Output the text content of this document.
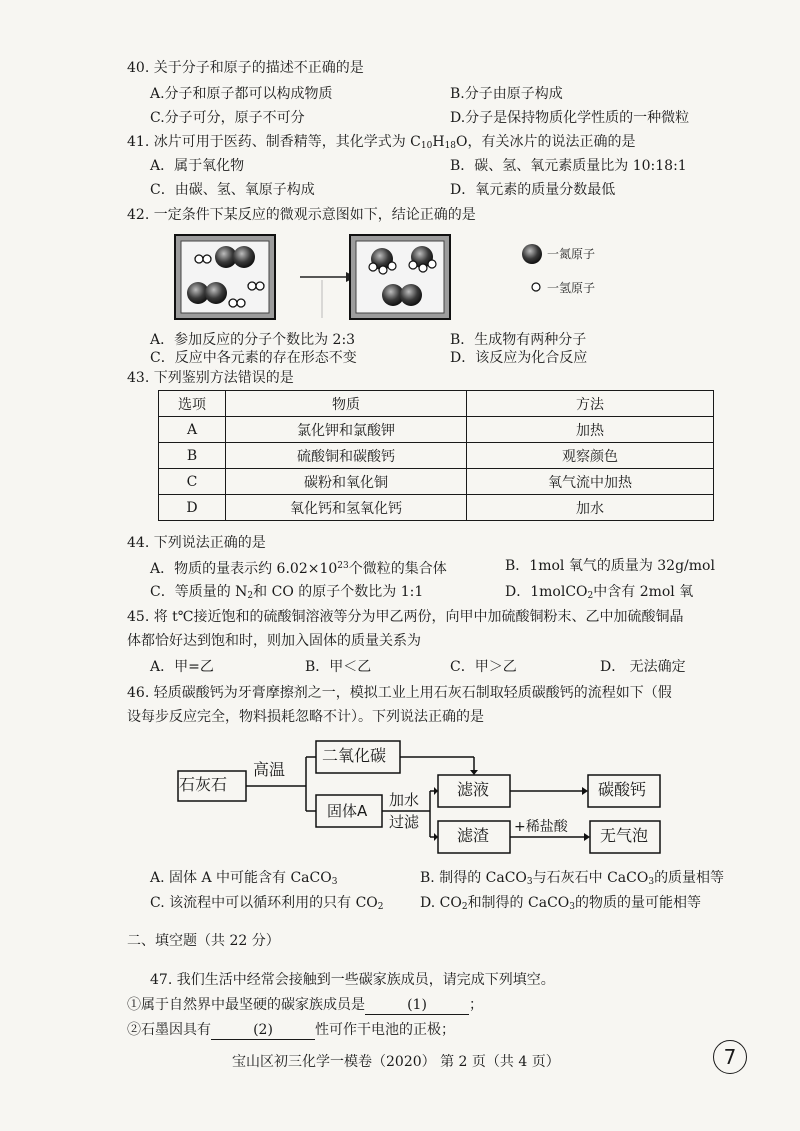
40. 关于分子和原子的描述不正确的是
A.分子和原子都可以构成物质	B.分子由原子构成
C.分子可分，原子不可分	D.分子是保持物质化学性质的一种微粒
41. 冰片可用于医药、制香精等，其化学式为 $C_{10}H_{18}O$，有关冰片的说法正确的是
A．属于氧化物	B．碳、氢、氧元素质量比为 10:18:1
C．由碳、氢、氧原子构成	D．氧元素的质量分数最低
42. 一定条件下某反应的微观示意图如下，结论正确的是
一氮原子
一氢原子
A．参加反应的分子个数比为 2:3	B．生成物有两种分子
C．反应中各元素的存在形态不变	D．该反应为化合反应
43. 下列鉴别方法错误的是
选项	物质	方法
A	氯化钾和氯酸钾	加热
B	硫酸铜和碳酸钙	观察颜色
C	碳粉和氧化铜	氧气流中加热
D	氧化钙和氢氧化钙	加水
44. 下列说法正确的是
A．物质的量表示约 $6.02\times 10^{23}$个微粒的集合体	B．1mol 氧气的质量为 32g/mol
C．等质量的 $N_2$和 CO 的原子个数比为 1:1	D．1molCO$_2$中含有 2mol 氧
45. 将 t℃接近饱和的硫酸铜溶液等分为甲乙两份，向甲中加硫酸铜粉末、乙中加硫酸铜晶
体都恰好达到饱和时，则加入固体的质量关系为
A．甲=乙	B．甲＜乙	C．甲＞乙	D． 无法确定
46. 轻质碳酸钙为牙膏摩擦剂之一，模拟工业上用石灰石制取轻质碳酸钙的流程如下（假
设每步反应完全，物料损耗忽略不计）。下列说法正确的是
石灰石
高温
二氧化碳
固体A
加水
过滤
滤液
滤渣 +稀盐酸
碳酸钙
无气泡
A. 固体 A 中可能含有 CaCO$_3$	B. 制得的 CaCO$_3$与石灰石中 CaCO$_3$的质量相等
C. 该流程中可以循环利用的只有 $CO_2$	D. $CO_2$和制得的 CaCO$_3$的物质的量可能相等
二、填空题（共 22 分）
47. 我们生活中经常会接触到一些碳家族成员，请完成下列填空。
①属于自然界中最坚硬的碳家族成员是	(1)	；
②石墨因具有	(2)	性可作干电池的正极；
宝山区初三化学一模卷（2020） 第 2 页（共 4 页）	7
